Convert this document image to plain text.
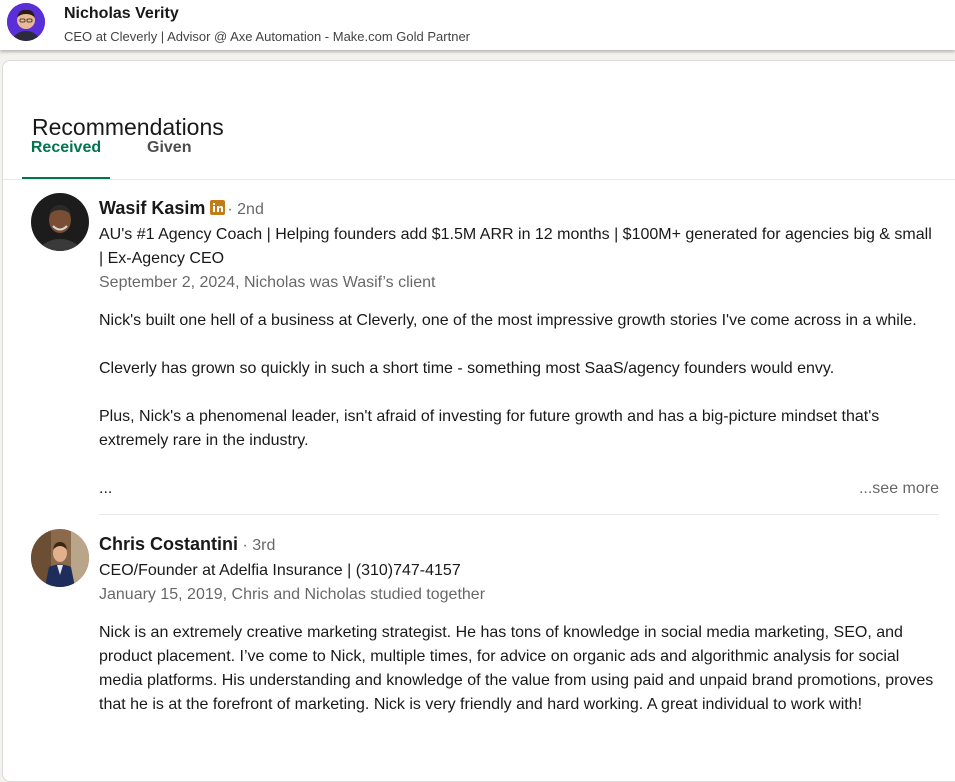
Nicholas Verity
CEO at Cleverly | Advisor @ Axe Automation - Make.com Gold Partner
Recommendations
Received	Given
Wasif Kasim · 2nd
AU's #1 Agency Coach | Helping founders add $1.5M ARR in 12 months | $100M+ generated for agencies big & small | Ex-Agency CEO
September 2, 2024, Nicholas was Wasif’s client

Nick's built one hell of a business at Cleverly, one of the most impressive growth stories I've come across in a while.

Cleverly has grown so quickly in such a short time - something most SaaS/agency founders would envy.

Plus, Nick's a phenomenal leader, isn't afraid of investing for future growth and has a big-picture mindset that's extremely rare in the industry.

...	...see more
Chris Costantini · 3rd
CEO/Founder at Adelfia Insurance | (310)747-4157
January 15, 2019, Chris and Nicholas studied together

Nick is an extremely creative marketing strategist. He has tons of knowledge in social media marketing, SEO, and product placement. I’ve come to Nick, multiple times, for advice on organic ads and algorithmic analysis for social media platforms. His understanding and knowledge of the value from using paid and unpaid brand promotions, proves that he is at the forefront of marketing. Nick is very friendly and hard working. A great individual to work with!
